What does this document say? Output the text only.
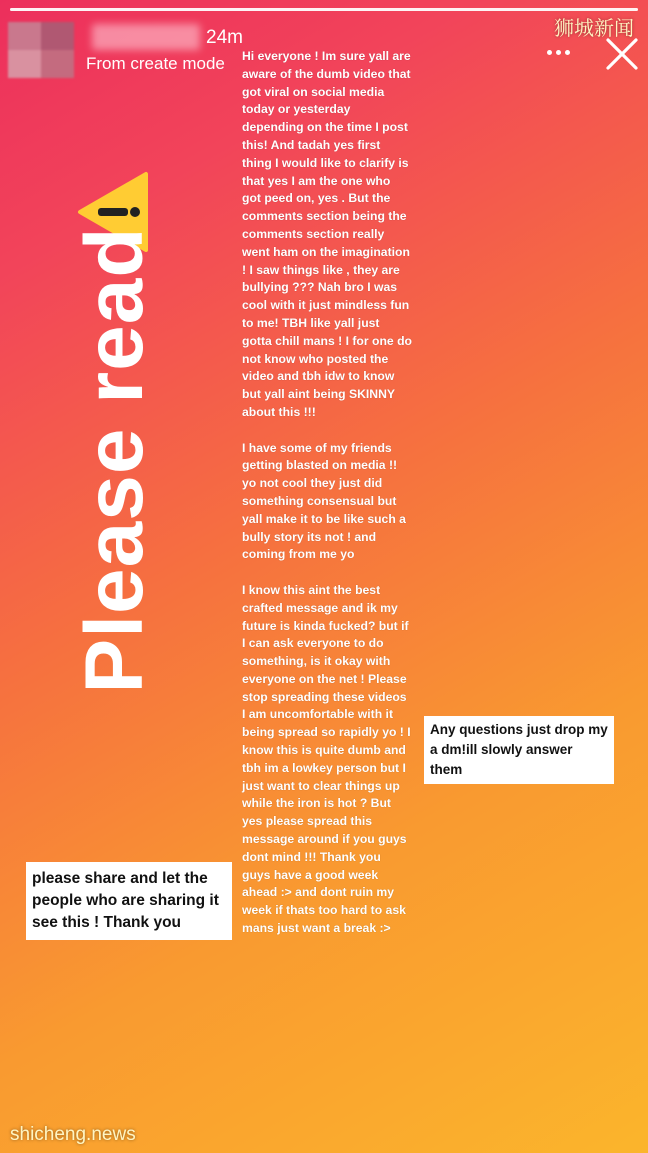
24m
From create mode
狮城新闻
Please read

Hi everyone ! Im sure yall are aware of the dumb video that got viral on social media today or yesterday depending on the time I post this! And tadah yes first thing I would like to clarify is that yes I am the one who got peed on, yes . But the comments section being the comments section really went ham on the imagination ! I saw things like , they are bullying ??? Nah bro I was cool with it just mindless fun to me! TBH like yall just gotta chill mans ! I for one do not know who posted the video and tbh idw to know but yall aint being SKINNY about this !!!

I have some of my friends getting blasted on media !! yo not cool they just did something consensual but yall make it to be like such a bully story its not ! and coming from me yo

I know this aint the best crafted message and ik my future is kinda fucked? but if I can ask everyone to do something, is it okay with everyone on the net ! Please stop spreading these videos I am uncomfortable with it being spread so rapidly yo ! I know this is quite dumb and tbh im a lowkey person but I just want to clear things up while the iron is hot ? But yes please spread this message around if you guys dont mind !!! Thank you guys have a good week ahead :> and dont ruin my week if thats too hard to ask mans just want a break :>

Any questions just drop my a dm!ill slowly answer them
please share and let the people who are sharing it see this ! Thank you
shicheng.news
